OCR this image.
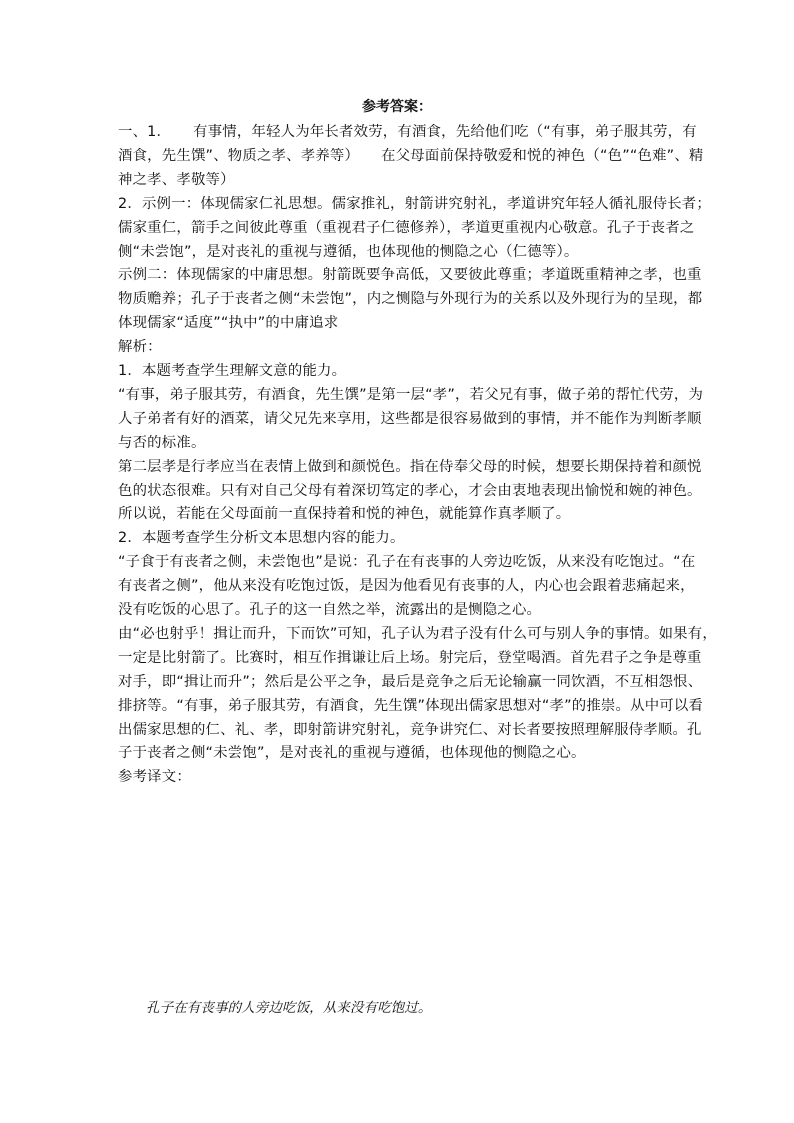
参考答案：
一、1．　　有事情，年轻人为年长者效劳，有酒食，先给他们吃（“有事，弟子服其劳，有
酒食，先生馔”、物质之孝、孝养等）　　在父母面前保持敬爱和悦的神色（“色”“色难”、精
神之孝、孝敬等）
2．示例一：体现儒家仁礼思想。儒家推礼，射箭讲究射礼，孝道讲究年轻人循礼服侍长者；
儒家重仁，箭手之间彼此尊重（重视君子仁德修养），孝道更重视内心敬意。孔子于丧者之
侧“未尝饱”，是对丧礼的重视与遵循，也体现他的恻隐之心（仁德等）。
示例二：体现儒家的中庸思想。射箭既要争高低，又要彼此尊重；孝道既重精神之孝，也重
物质赡养；孔子于丧者之侧“未尝饱”，内之恻隐与外现行为的关系以及外现行为的呈现，都
体现儒家“适度”“执中”的中庸追求
解析：
1．本题考查学生理解文意的能力。
“有事，弟子服其劳，有酒食，先生馔”是第一层“孝”，若父兄有事，做子弟的帮忙代劳，为
人子弟者有好的酒菜，请父兄先来享用，这些都是很容易做到的事情，并不能作为判断孝顺
与否的标准。
第二层孝是行孝应当在表情上做到和颜悦色。指在侍奉父母的时候，想要长期保持着和颜悦
色的状态很难。只有对自己父母有着深切笃定的孝心，才会由衷地表现出愉悦和婉的神色。
所以说，若能在父母面前一直保持着和悦的神色，就能算作真孝顺了。
2．本题考查学生分析文本思想内容的能力。
“子食于有丧者之侧，未尝饱也”是说：孔子在有丧事的人旁边吃饭，从来没有吃饱过。“在
有丧者之侧”，他从来没有吃饱过饭，是因为他看见有丧事的人，内心也会跟着悲痛起来，
没有吃饭的心思了。孔子的这一自然之举，流露出的是恻隐之心。
由“必也射乎！揖让而升，下而饮”可知，孔子认为君子没有什么可与别人争的事情。如果有，
一定是比射箭了。比赛时，相互作揖谦让后上场。射完后，登堂喝酒。首先君子之争是尊重
对手，即“揖让而升”；然后是公平之争，最后是竞争之后无论输赢一同饮酒，不互相怨恨、
排挤等。“有事，弟子服其劳，有酒食，先生馔”体现出儒家思想对“孝”的推崇。从中可以看
出儒家思想的仁、礼、孝，即射箭讲究射礼，竞争讲究仁、对长者要按照理解服侍孝顺。孔
子于丧者之侧“未尝饱”，是对丧礼的重视与遵循，也体现他的恻隐之心。
参考译文：
孔子在有丧事的人旁边吃饭，从来没有吃饱过。
